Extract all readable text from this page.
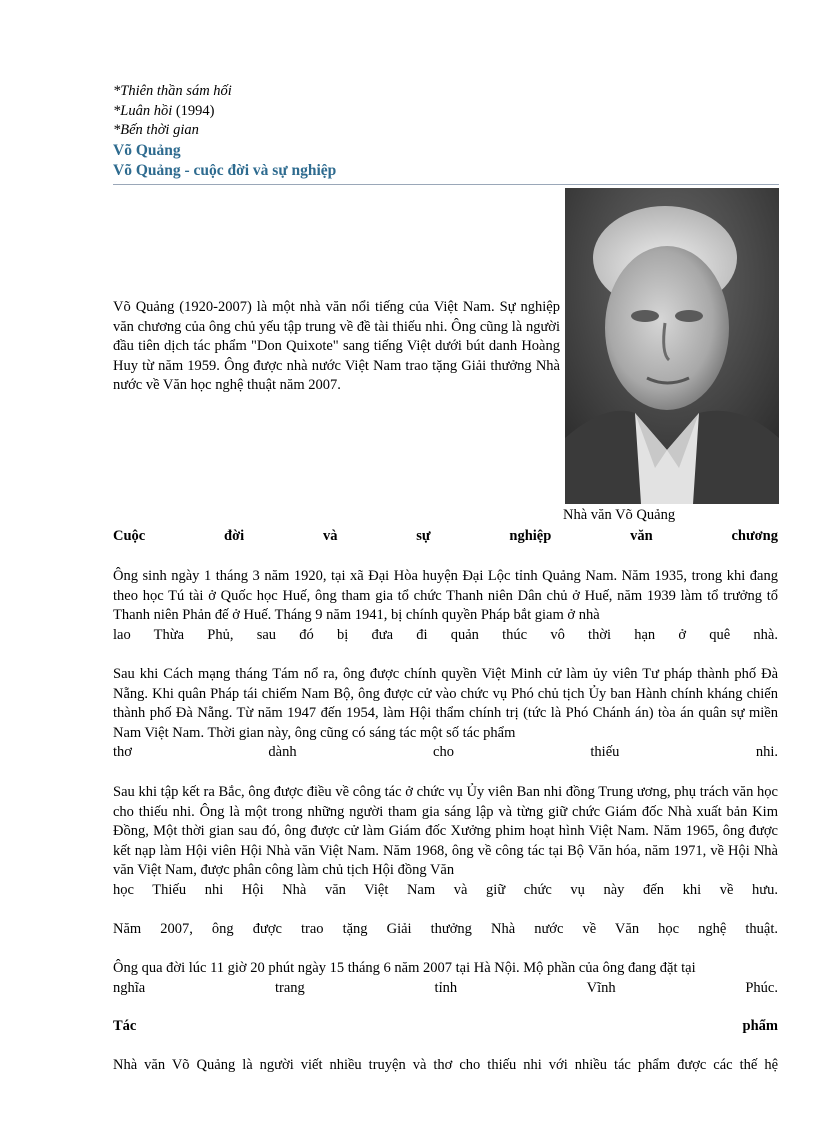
*Thiên thần sám hối
*Luân hồi (1994)
*Bến thời gian
Võ Quảng
Võ Quảng - cuộc đời và sự nghiệp
Nhà văn Võ Quảng
Võ Quảng (1920-2007) là một nhà văn nổi tiếng của Việt Nam. Sự nghiệp văn chương của ông chủ yếu tập trung về đề tài thiếu nhi. Ông cũng là người đầu tiên dịch tác phẩm "Don Quixote" sang tiếng Việt dưới bút danh Hoàng Huy từ năm 1959. Ông được nhà nước Việt Nam trao tặng Giải thưởng Nhà nước về Văn học nghệ thuật năm 2007.
Cuộc đời và sự nghiệp văn chương
Ông sinh ngày 1 tháng 3 năm 1920, tại xã Đại Hòa huyện Đại Lộc tỉnh Quảng Nam. Năm 1935, trong khi đang theo học Tú tài ở Quốc học Huế, ông tham gia tổ chức Thanh niên Dân chủ ở Huế, năm 1939 làm tổ trưởng tổ Thanh niên Phản đế ở Huế. Tháng 9 năm 1941, bị chính quyền Pháp bắt giam ở nhà
lao Thừa Phủ, sau đó bị đưa đi quản thúc vô thời hạn ở quê nhà.
Sau khi Cách mạng tháng Tám nổ ra, ông được chính quyền Việt Minh cử làm ủy viên Tư pháp thành phố Đà Nẵng. Khi quân Pháp tái chiếm Nam Bộ, ông được cử vào chức vụ Phó chủ tịch Ủy ban Hành chính kháng chiến thành phố Đà Nẵng. Từ năm 1947 đến 1954, làm Hội thẩm chính trị (tức là Phó Chánh án) tòa án quân sự miền Nam Việt Nam. Thời gian này, ông cũng có sáng tác một số tác phẩm
thơ dành cho thiếu nhi.
Sau khi tập kết ra Bắc, ông được điều về công tác ở chức vụ Ủy viên Ban nhi đồng Trung ương, phụ trách văn học cho thiếu nhi. Ông là một trong những người tham gia sáng lập và từng giữ chức Giám đốc Nhà xuất bản Kim Đồng, Một thời gian sau đó, ông được cử làm Giám đốc Xưởng phim hoạt hình Việt Nam. Năm 1965, ông được kết nạp làm Hội viên Hội Nhà văn Việt Nam. Năm 1968, ông về công tác tại Bộ Văn hóa, năm 1971, về Hội Nhà văn Việt Nam, được phân công làm chủ tịch Hội đồng Văn
học Thiếu nhi Hội Nhà văn Việt Nam và giữ chức vụ này đến khi về hưu.
Năm 2007, ông được trao tặng Giải thưởng Nhà nước về Văn học nghệ thuật.
Ông qua đời lúc 11 giờ 20 phút ngày 15 tháng 6 năm 2007 tại Hà Nội. Mộ phần của ông đang đặt tại
nghĩa trang tỉnh Vĩnh Phúc.
Tác phẩm
Nhà văn Võ Quảng là người viết nhiều truyện và thơ cho thiếu nhi với nhiều tác phẩm được các thế hệ
